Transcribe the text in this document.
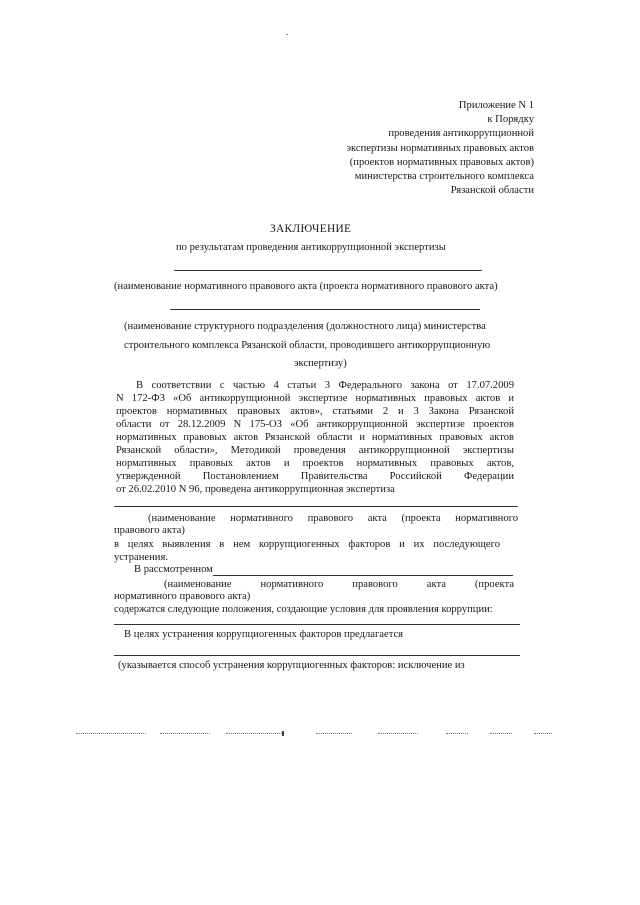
Приложение N 1
к Порядку
проведения антикоррупционной
экспертизы нормативных правовых актов
(проектов нормативных правовых актов)
министерства строительного комплекса
Рязанской области
ЗАКЛЮЧЕНИЕ
по результатам проведения антикоррупционной экспертизы
(наименование нормативного правового акта (проекта нормативного правового акта)
(наименование структурного подразделения (должностного лица) министерства
строительного комплекса Рязанской области, проводившего антикоррупционную
экспертизу)
В соответствии с частью 4 статьи 3 Федерального закона от 17.07.2009
N 172-ФЗ «Об антикоррупционной экспертизе нормативных правовых актов и
проектов нормативных правовых актов», статьями 2 и 3 Закона Рязанской
области от 28.12.2009 N 175-ОЗ «Об антикоррупционной экспертизе проектов
нормативных правовых актов Рязанской области и нормативных правовых актов
Рязанской области», Методикой проведения антикоррупционной экспертизы
нормативных правовых актов и проектов нормативных правовых актов,
утвержденной Постановлением Правительства Российской Федерации
от 26.02.2010 N 96, проведена антикоррупционная экспертиза
(наименование нормативного правового акта (проекта нормативного
правового акта)
в целях выявления в нем коррупциогенных факторов и их последующего
устранения.
В рассмотренном
(наименование нормативного правового акта (проекта
нормативного правового акта)
содержатся следующие положения, создающие условия для проявления коррупции:
В целях устранения коррупциогенных факторов предлагается
(указывается способ устранения коррупциогенных факторов: исключение из
